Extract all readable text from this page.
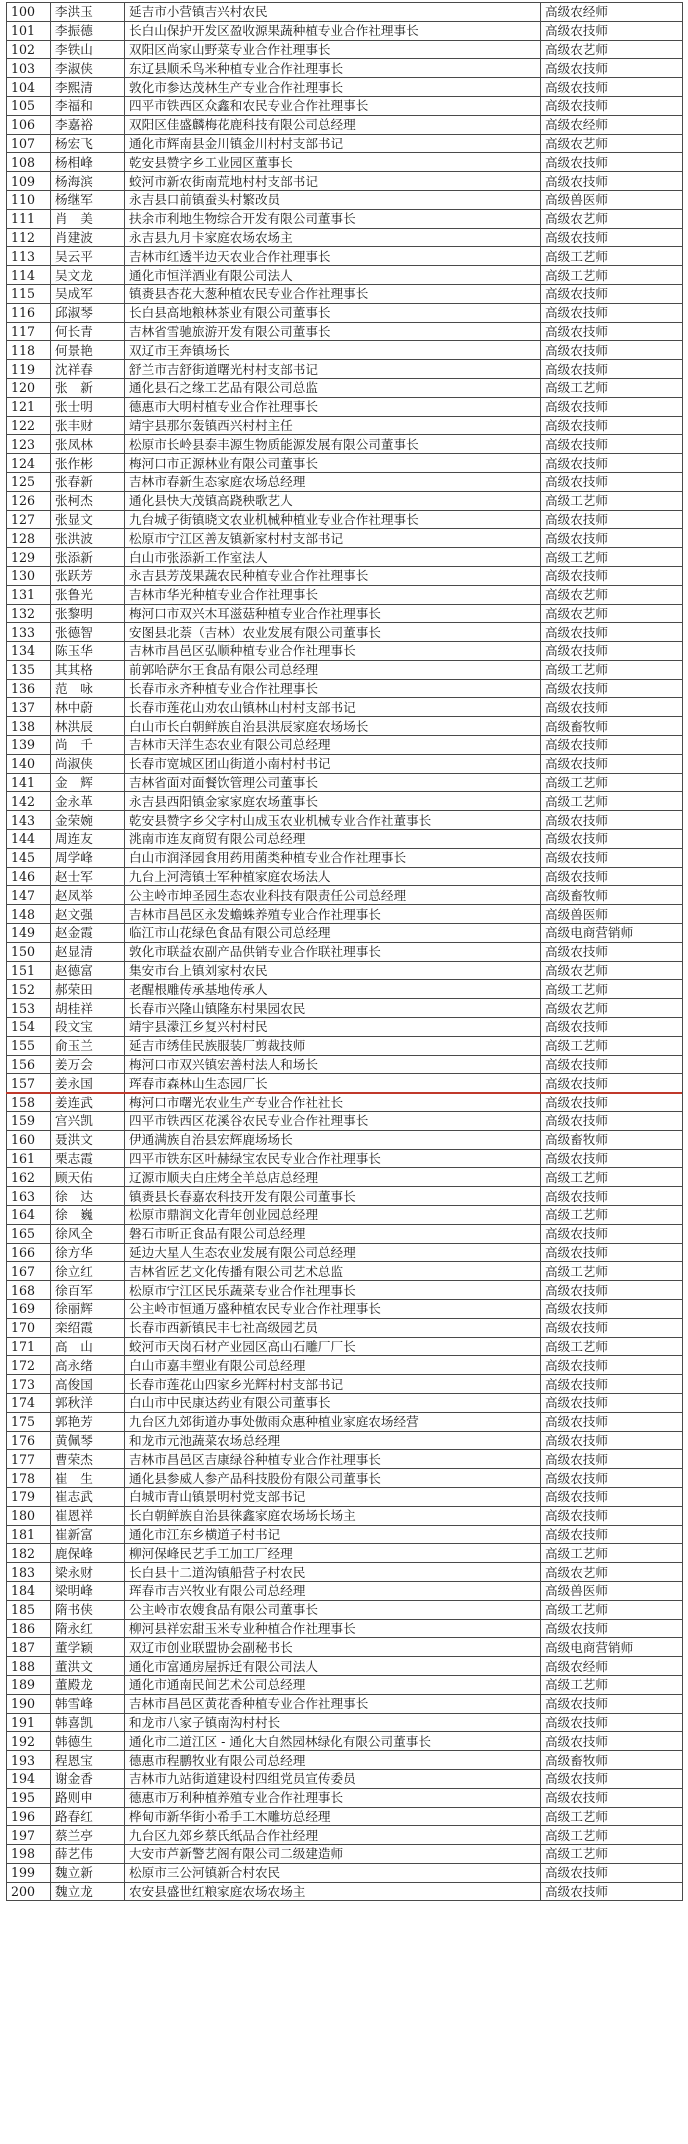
100	李洪玉	延吉市小营镇吉兴村农民	高级农经师
101	李振德	长白山保护开发区盈收源果蔬种植专业合作社理事长	高级农技师
102	李铁山	双阳区尚家山野菜专业合作社理事长	高级农艺师
103	李淑侠	东辽县顺禾鸟米种植专业合作社理事长	高级农技师
104	李熙清	敦化市参达茂林生产专业合作社理事长	高级农技师
105	李福和	四平市铁西区众鑫和农民专业合作社理事长	高级农技师
106	李嘉裕	双阳区佳盛麟梅花鹿科技有限公司总经理	高级农经师
107	杨宏飞	通化市辉南县金川镇金川村村支部书记	高级农艺师
108	杨相峰	乾安县赞字乡工业园区董事长	高级农技师
109	杨海滨	蛟河市新农街南荒地村村支部书记	高级农技师
110	杨继军	永吉县口前镇蚕头村繁改员	高级兽医师
111	肖　美	扶余市利地生物综合开发有限公司董事长	高级农艺师
112	肖建波	永吉县九月卡家庭农场农场主	高级农技师
113	吴云平	吉林市红透半边天农业合作社理事长	高级工艺师
114	吴文龙	通化市恒洋酒业有限公司法人	高级工艺师
115	吴成军	镇赉县杏花大葱种植农民专业合作社理事长	高级农技师
116	邱淑琴	长白县高地粮林茶业有限公司董事长	高级农技师
117	何长青	吉林省雪驰旅游开发有限公司董事长	高级农技师
118	何景艳	双辽市王奔镇场长	高级农技师
119	沈祥春	舒兰市吉舒街道曙光村村支部书记	高级农技师
120	张　新	通化县石之缘工艺品有限公司总监	高级工艺师
121	张士明	德惠市大明村植专业合作社理事长	高级农技师
122	张丰财	靖宇县那尔轰镇西兴村村主任	高级农技师
123	张凤林	松原市长岭县泰丰源生物质能源发展有限公司董事长	高级农技师
124	张作彬	梅河口市正源林业有限公司董事长	高级农技师
125	张春新	吉林市春新生态家庭农场总经理	高级农技师
126	张柯杰	通化县快大茂镇高跷秧歌艺人	高级工艺师
127	张显文	九台城子街镇晓文农业机械种植业专业合作社理事长	高级农技师
128	张洪波	松原市宁江区善友镇新家村村支部书记	高级农技师
129	张添新	白山市张添新工作室法人	高级工艺师
130	张跃芳	永吉县芳茂果蔬农民种植专业合作社理事长	高级农技师
131	张鲁光	吉林市华光种植专业合作社理事长	高级农艺师
132	张黎明	梅河口市双兴木耳滋菇种植专业合作社理事长	高级农艺师
133	张德智	安图县北萘（吉林）农业发展有限公司董事长	高级农技师
134	陈玉华	吉林市昌邑区弘顺种植专业合作社理事长	高级农技师
135	其其格	前郭哈萨尔王食品有限公司总经理	高级工艺师
136	范　咏	长春市永齐种植专业合作社理事长	高级农技师
137	林中蔚	长春市莲花山劝农山镇林山村村支部书记	高级农技师
138	林洪辰	白山市长白朝鲜族自治县洪辰家庭农场场长	高级畜牧师
139	尚　千	吉林市天洋生态农业有限公司总经理	高级农技师
140	尚淑侠	长春市宽城区团山街道小南村村书记	高级农技师
141	金　辉	吉林省面对面餐饮管理公司董事长	高级工艺师
142	金永革	永吉县西阳镇金家家庭农场董事长	高级工艺师
143	金荣婉	乾安县赞字乡父字村山成玉农业机械专业合作社董事长	高级农技师
144	周连友	洮南市连友商贸有限公司总经理	高级农技师
145	周学峰	白山市润泽园食用药用菌类种植专业合作社理事长	高级农技师
146	赵士军	九台上河湾镇士军种植家庭农场法人	高级农技师
147	赵凤举	公主岭市坤圣园生态农业科技有限责任公司总经理	高级畜牧师
148	赵文强	吉林市昌邑区永发蟾蛛养殖专业合作社理事长	高级兽医师
149	赵金霞	临江市山花绿色食品有限公司总经理	高级电商营销师
150	赵显清	敦化市联益农副产品供销专业合作联社理事长	高级农技师
151	赵德富	集安市台上镇刘家村农民	高级农艺师
152	郝荣田	老醒根雕传承基地传承人	高级工艺师
153	胡桂祥	长春市兴隆山镇隆东村果园农民	高级农艺师
154	段文宝	靖宇县濛江乡复兴村村民	高级农技师
155	俞玉兰	延吉市绣佳民族服装厂剪裁技师	高级工艺师
156	姜万会	梅河口市双兴镇宏善村法人和场长	高级农技师
157	姜永国	珲春市森林山生态园厂长	高级农技师
158	姜连武	梅河口市曙光农业生产专业合作社社长	高级农技师
159	宫兴凯	四平市铁西区花溪谷农民专业合作社理事长	高级农技师
160	聂洪文	伊通满族自治县宏辉鹿场场长	高级畜牧师
161	栗志霞	四平市铁东区叶赫绿宝农民专业合作社理事长	高级农技师
162	顾天佑	辽源市顺夫白庄烤全羊总店总经理	高级工艺师
163	徐　达	镇赉县长春嘉农科技开发有限公司董事长	高级农技师
164	徐　巍	松原市鼎润文化青年创业园总经理	高级工艺师
165	徐风全	磐石市昕正食品有限公司总经理	高级农技师
166	徐方华	延边大星人生态农业发展有限公司总经理	高级农技师
167	徐立红	吉林省匠艺文化传播有限公司艺术总监	高级工艺师
168	徐百军	松原市宁江区民乐蔬菜专业合作社理事长	高级农技师
169	徐丽辉	公主岭市恒通万盛种植农民专业合作社理事长	高级农技师
170	栾绍霞	长春市西新镇民丰七社高级园艺员	高级农技师
171	高　山	蛟河市天岗石材产业园区高山石雕厂厂长	高级工艺师
172	高永绪	白山市嘉丰塑业有限公司总经理	高级农技师
173	高俊国	长春市莲花山四家乡光辉村村支部书记	高级农技师
174	郭秋洋	白山市中民康达药业有限公司董事长	高级农技师
175	郭艳芳	九台区九郊街道办事处傲雨众惠种植业家庭农场经营	高级农技师
176	黄佩琴	和龙市元池蔬菜农场总经理	高级农技师
177	曹荣杰	吉林市昌邑区吉康绿谷种植专业合作社理事长	高级农技师
178	崔　生	通化县参威人参产品科技股份有限公司董事长	高级农技师
179	崔志武	白城市青山镇景明村党支部书记	高级农技师
180	崔恩祥	长白朝鲜族自治县徕鑫家庭农场场长场主	高级农技师
181	崔新富	通化市江东乡横道子村书记	高级农技师
182	鹿保峰	柳河保峰民艺手工加工厂经理	高级工艺师
183	梁永财	长白县十二道沟镇船营子村农民	高级农艺师
184	梁明峰	珲春市吉兴牧业有限公司总经理	高级兽医师
185	隋书侠	公主岭市农嫂食品有限公司董事长	高级工艺师
186	隋永红	柳河县祥宏甜玉米专业种植合作社理事长	高级农技师
187	董学颖	双辽市创业联盟协会副秘书长	高级电商营销师
188	董洪文	通化市富通房屋拆迁有限公司法人	高级农经师
189	董殿龙	通化市通南民间艺术公司总经理	高级工艺师
190	韩雪峰	吉林市昌邑区黄花香种植专业合作社理事长	高级农技师
191	韩喜凯	和龙市八家子镇南沟村村长	高级农技师
192	韩德生	通化市二道江区 - 通化大自然园林绿化有限公司董事长	高级农技师
193	程恩宝	德惠市程鹏牧业有限公司总经理	高级畜牧师
194	谢金香	吉林市九站街道建设村四组党员宣传委员	高级农技师
195	路则申	德惠市万利种植养殖专业合作社理事长	高级农技师
196	路春红	桦甸市新华街小希手工木雕坊总经理	高级工艺师
197	蔡兰亭	九台区九郊乡蔡氏纸品合作社经理	高级工艺师
198	薛艺伟	大安市芦新警艺阁有限公司二级建造师	高级工艺师
199	魏立新	松原市三公河镇新合村农民	高级农技师
200	魏立龙	农安县盛世红粮家庭农场农场主	高级农技师
